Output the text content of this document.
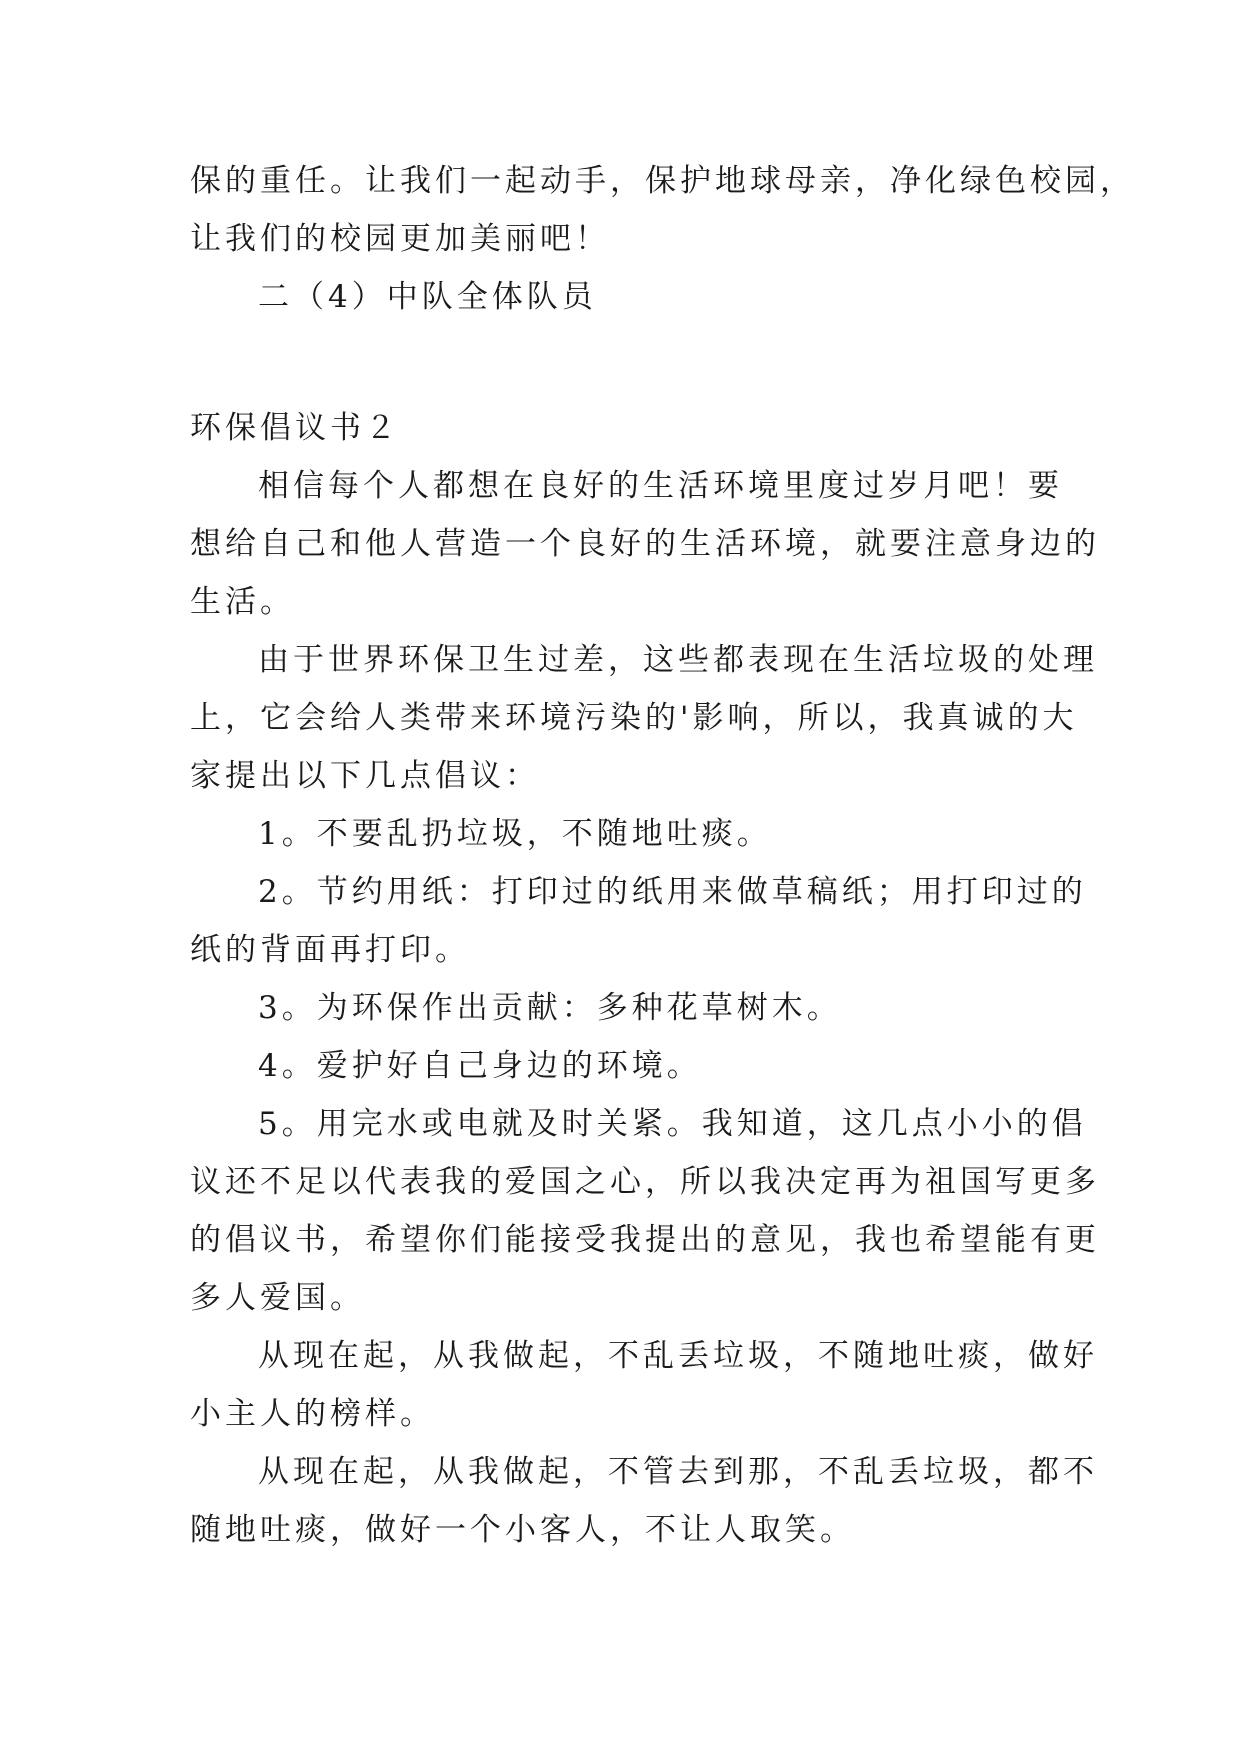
保的重任。让我们一起动手，保护地球母亲，净化绿色校园，
让我们的校园更加美丽吧！
二（4）中队全体队员
环保倡议书２
相信每个人都想在良好的生活环境里度过岁月吧！要
想给自己和他人营造一个良好的生活环境，就要注意身边的
生活。
由于世界环保卫生过差，这些都表现在生活垃圾的处理
上，它会给人类带来环境污染的'影响，所以，我真诚的大
家提出以下几点倡议：
1。不要乱扔垃圾，不随地吐痰。
2。节约用纸：打印过的纸用来做草稿纸；用打印过的
纸的背面再打印。
3。为环保作出贡献：多种花草树木。
4。爱护好自己身边的环境。
5。用完水或电就及时关紧。我知道，这几点小小的倡
议还不足以代表我的爱国之心，所以我决定再为祖国写更多
的倡议书，希望你们能接受我提出的意见，我也希望能有更
多人爱国。
从现在起，从我做起，不乱丢垃圾，不随地吐痰，做好
小主人的榜样。
从现在起，从我做起，不管去到那，不乱丢垃圾，都不
随地吐痰，做好一个小客人，不让人取笑。
